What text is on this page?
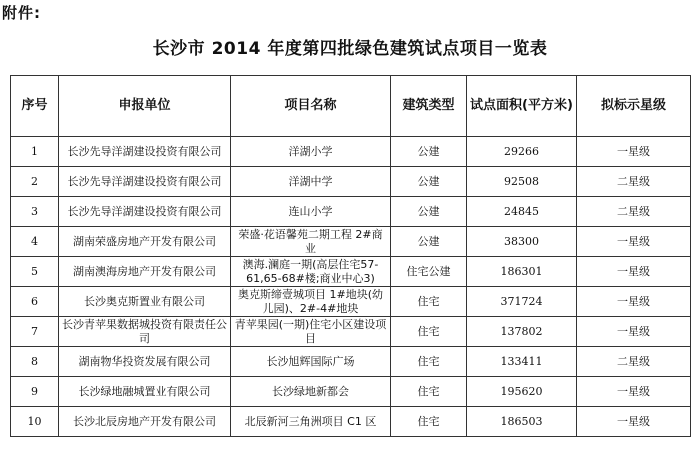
附件:
长沙市 2014 年度第四批绿色建筑试点项目一览表
序号	申报单位	项目名称	建筑类型	试点面积(平方米)	拟标示星级
1	长沙先导洋湖建设投资有限公司	洋湖小学	公建	29266	一星级
2	长沙先导洋湖建设投资有限公司	洋湖中学	公建	92508	二星级
3	长沙先导洋湖建设投资有限公司	连山小学	公建	24845	二星级
4	湖南荣盛房地产开发有限公司	荣盛·花语馨苑二期工程 2#商业	公建	38300	一星级
5	湖南澳海房地产开发有限公司	澳海.澜庭一期(高层住宅57-61,65-68#楼;商业中心3)	住宅公建	186301	一星级
6	长沙奥克斯置业有限公司	奥克斯缔壹城项目 1#地块(幼儿园)、2#-4#地块	住宅	371724	一星级
7	长沙青苹果数据城投资有限责任公司	青苹果园(一期)住宅小区建设项目	住宅	137802	一星级
8	湖南物华投资发展有限公司	长沙旭辉国际广场	住宅	133411	二星级
9	长沙绿地融城置业有限公司	长沙绿地新都会	住宅	195620	一星级
10	长沙北辰房地产开发有限公司	北辰新河三角洲项目 C1 区	住宅	186503	一星级
